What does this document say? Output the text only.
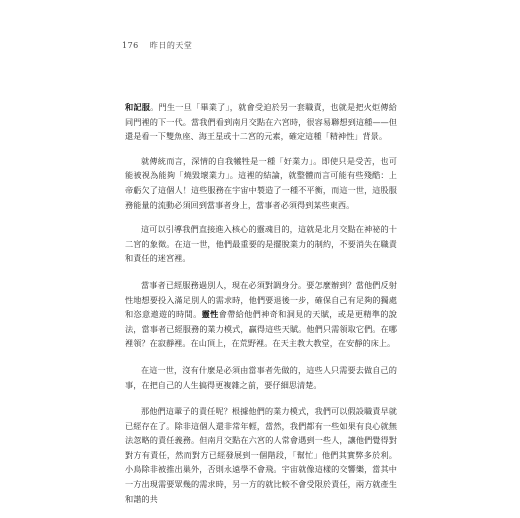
176 昨日的天堂

和記服。門生一旦「畢業了」，就會受迫於另一套職責，也就是把火炬傳給同門裡的下一代。當我們看到南月交點在六宮時，很容易聯想到這種——但還是看一下雙魚座、海王星或十二宮的元素，確定這種「精神性」背景。

就傳統而言，深情的自我犧牲是一種「好業力」。即使只是受苦，也可能被視為能夠「燒毀壞業力」。這裡的結論，就整體而言可能有些殘酷：上帝虧欠了這個人！這些服務在宇宙中製造了一種不平衡，而這一世，這股服務能量的流動必須回到當事者身上，當事者必須得到某些東西。

這可以引導我們直接進入核心的靈魂目的，這就是北月交點在神祕的十二宮的象徵。在這一世，他們最重要的是擺脫業力的制約，不要消失在職責和責任的迷宮裡。

當事者已經服務過別人，現在必須對調身分。要怎麼辦到？當他們反射性地想要投入滿足別人的需求時，他們要退後一步，確保自己有足夠的獨處和恣意遨遊的時間。靈性會帶給他們神奇和洞見的天賦，或是更精準的說法，當事者已經服務的業力模式，贏得這些天賦。他們只需領取它們。在哪裡領？在寂靜裡。在山頂上，在荒野裡。在天主教大教堂，在安靜的床上。

在這一世，沒有什麼是必須由當事者先做的，這些人只需要去做自己的事，在把自己的人生搞得更複雜之前，要仔細思清楚。

那他們這輩子的責任呢？根據他們的業力模式，我們可以假設職責早就已經存在了。除非這個人還非常年輕，當然，我們都有一些如果有良心就無法忽略的責任義務。但南月交點在六宮的人常會遇到一些人，讓他們覺得對對方有責任，然而對方已經發展到一個階段，「幫忙」他們其實弊多於利。小鳥除非被推出巢外，否則永遠學不會飛。宇宙就像這樣的交響樂，當其中一方出現需要眾幾的需求時，另一方的就比較不會受限於責任，兩方就產生和諧的共
